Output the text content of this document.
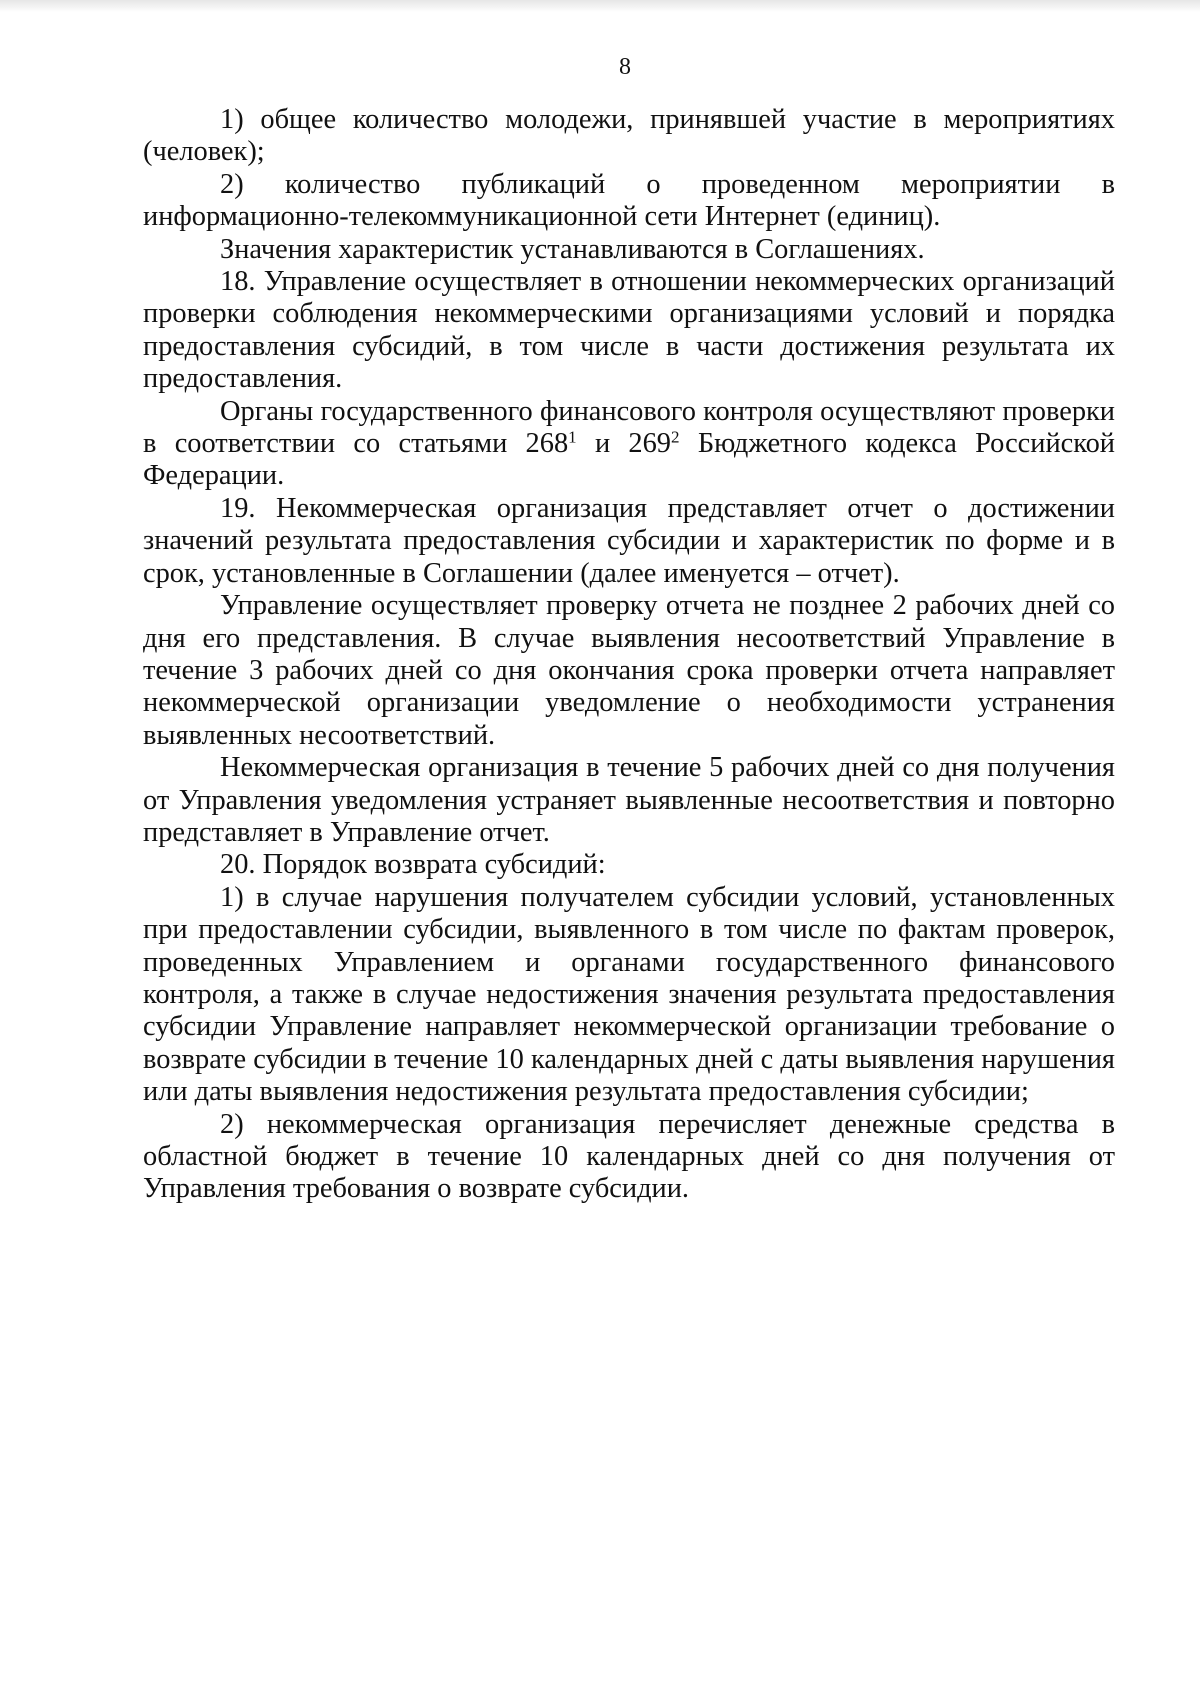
8

1) общее количество молодежи, принявшей участие в мероприятиях (человек);

2) количество публикаций о проведенном мероприятии в информационно-телекоммуникационной сети Интернет (единиц).

Значения характеристик устанавливаются в Соглашениях.

18. Управление осуществляет в отношении некоммерческих организаций проверки соблюдения некоммерческими организациями условий и порядка предоставления субсидий, в том числе в части достижения результата их предоставления.

Органы государственного финансового контроля осуществляют проверки в соответствии со статьями $268^1$ и $269^2$ Бюджетного кодекса Российской Федерации.

19. Некоммерческая организация представляет отчет о достижении значений результата предоставления субсидии и характеристик по форме и в срок, установленные в Соглашении (далее именуется – отчет).

Управление осуществляет проверку отчета не позднее 2 рабочих дней со дня его представления. В случае выявления несоответствий Управление в течение 3 рабочих дней со дня окончания срока проверки отчета направляет некоммерческой организации уведомление о необходимости устранения выявленных несоответствий.

Некоммерческая организация в течение 5 рабочих дней со дня получения от Управления уведомления устраняет выявленные несоответствия и повторно представляет в Управление отчет.

20. Порядок возврата субсидий:

1) в случае нарушения получателем субсидии условий, установленных при предоставлении субсидии, выявленного в том числе по фактам проверок, проведенных Управлением и органами государственного финансового контроля, а также в случае недостижения значения результата предоставления субсидии Управление направляет некоммерческой организации требование о возврате субсидии в течение 10 календарных дней с даты выявления нарушения или даты выявления недостижения результата предоставления субсидии;

2) некоммерческая организация перечисляет денежные средства в областной бюджет в течение 10 календарных дней со дня получения от Управления требования о возврате субсидии.
